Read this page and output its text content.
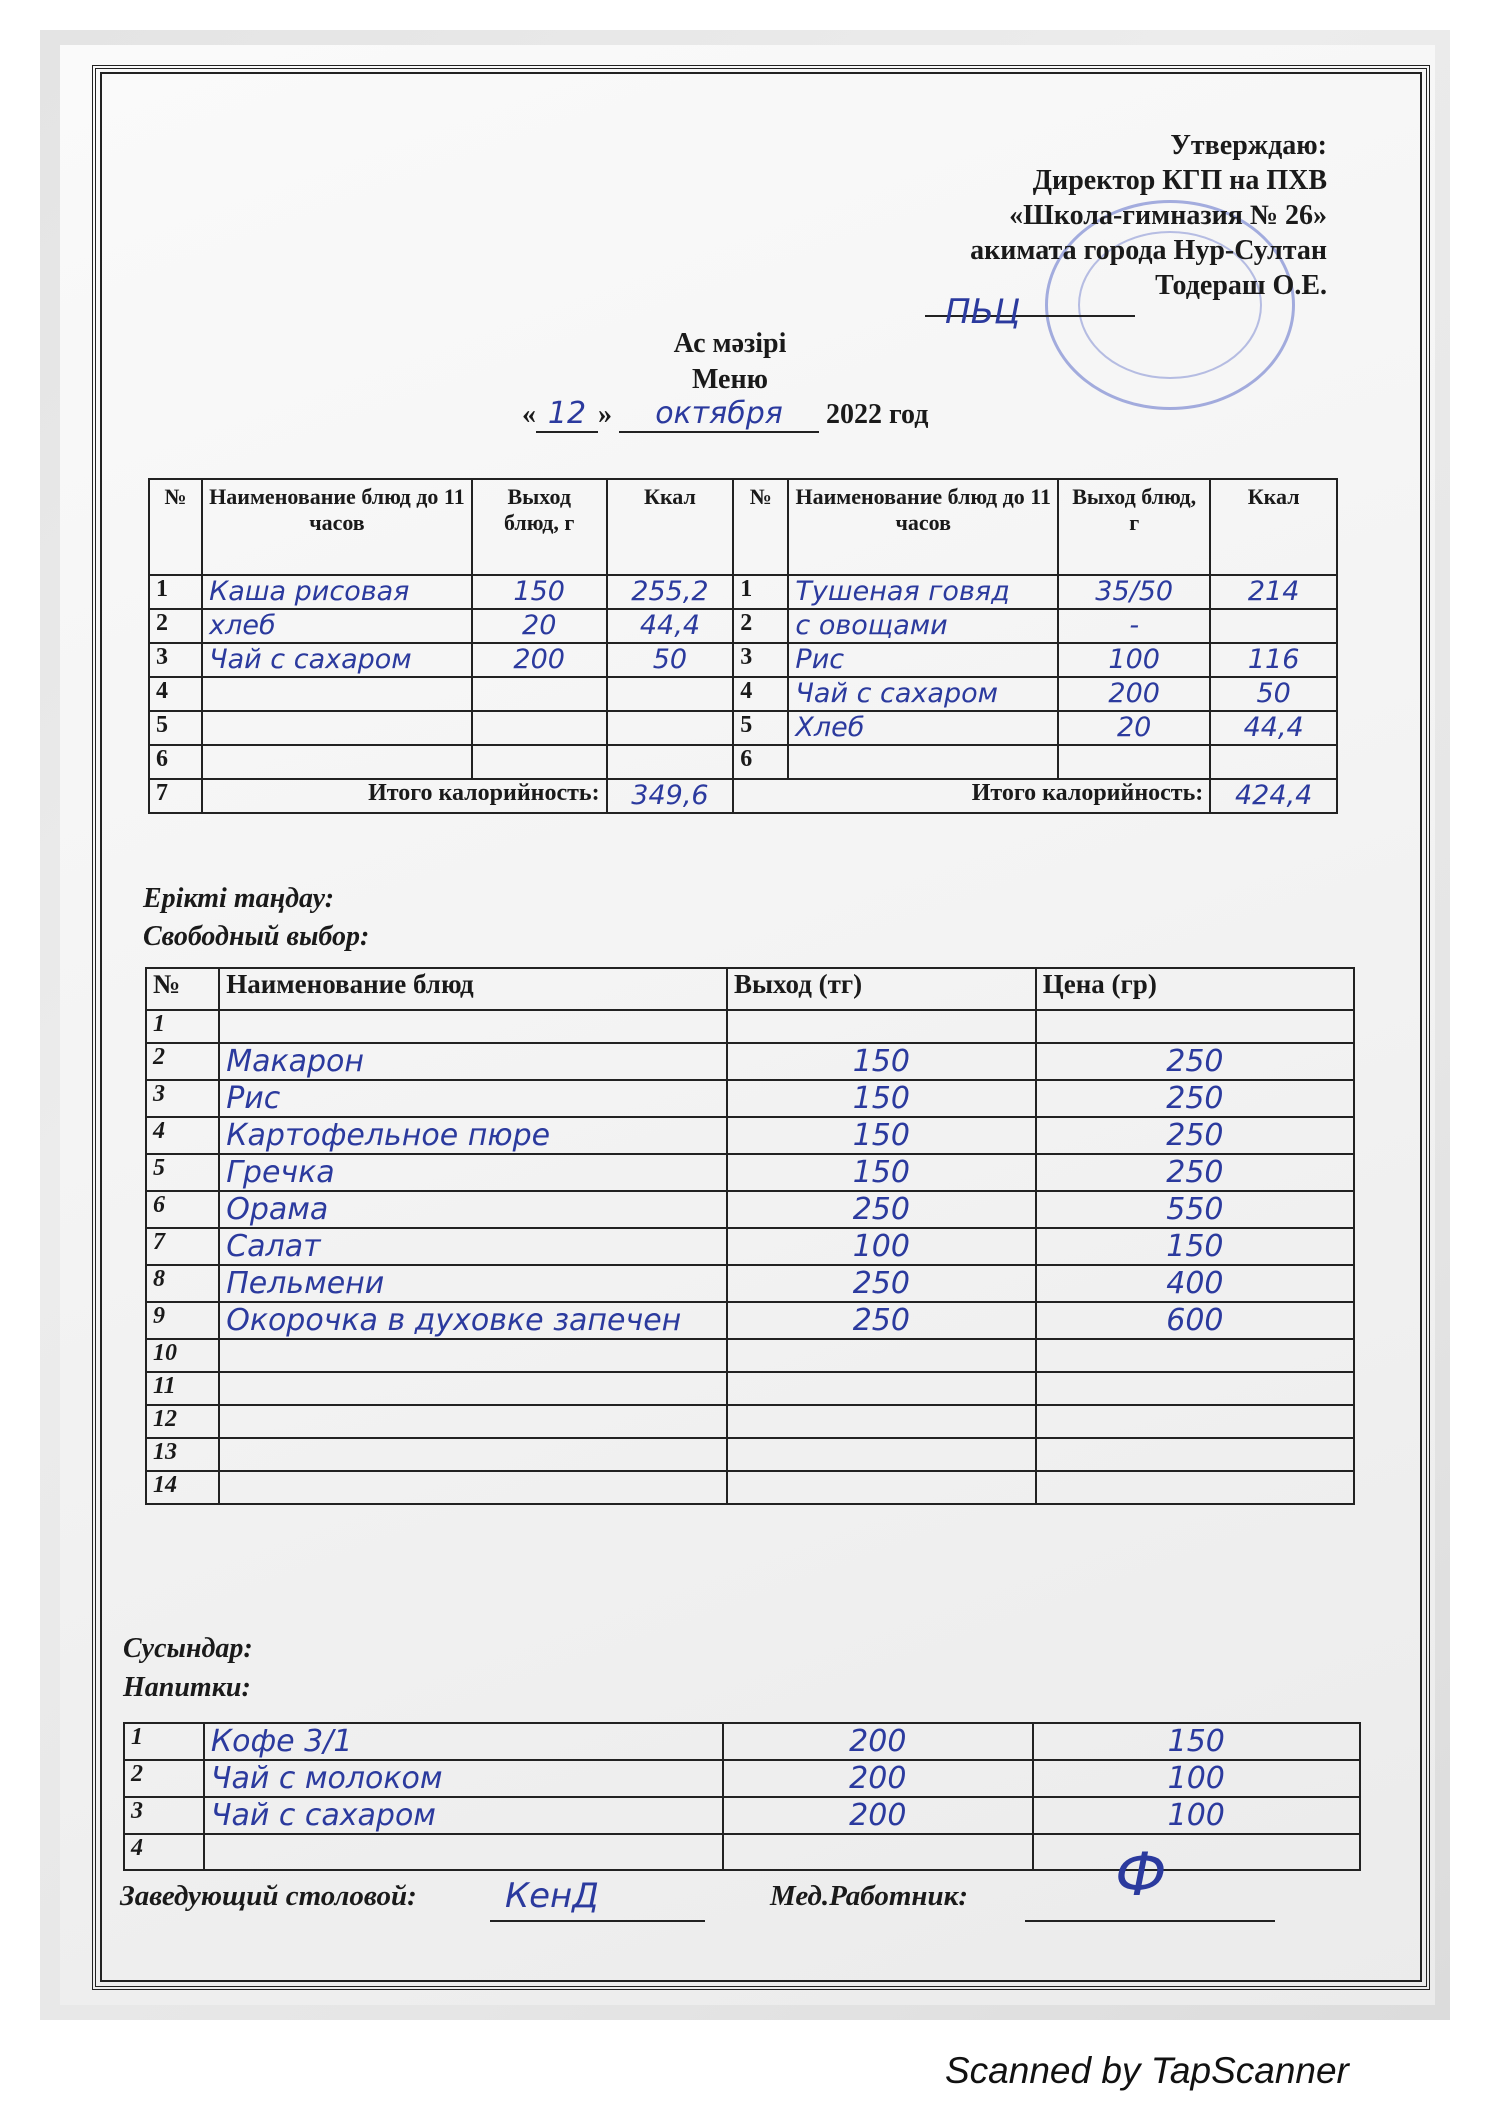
Утверждаю:
Директор КГП на ПХВ
«Школа-гимназия № 26»
акимата города Нур-Султан
Тодераш О.Е.
ПЬЦ
Ас мәзірі
Меню
« 12 » октября 2022 год
№	Наименование блюд до 11 часов	Выход блюд, г	Ккал	№	Наименование блюд до 11 часов	Выход блюд, г	Ккал
1	Каша рисовая	150	255,2	1	Тушеная говяд	35/50	214
2	хлеб	20	44,4	2	с овощами	-	
3	Чай с сахаром	200	50	3	Рис	100	116
4				4	Чай с сахаром	200	50
5				5	Хлеб	20	44,4
6				6			
7	Итого калорийность:		349,6	Итого калорийность:			424,4
Ерікті таңдау:
Свободный выбор:
№	Наименование блюд	Выход (тг)	Цена (гр)
1			
2	Макарон	150	250
3	Рис	150	250
4	Картофельное пюре	150	250
5	Гречка	150	250
6	Орама	250	550
7	Салат	100	150
8	Пельмени	250	400
9	Окорочка в духовке запечен	250	600
10			
11			
12			
13			
14			
Сусындар:
Напитки:
1	Кофе 3/1	200	150
2	Чай с молоком	200	100
3	Чай с сахаром	200	100
4			
Заведующий столовой:	КенД	Мед.Работник: Ф
Scanned by TapScanner
